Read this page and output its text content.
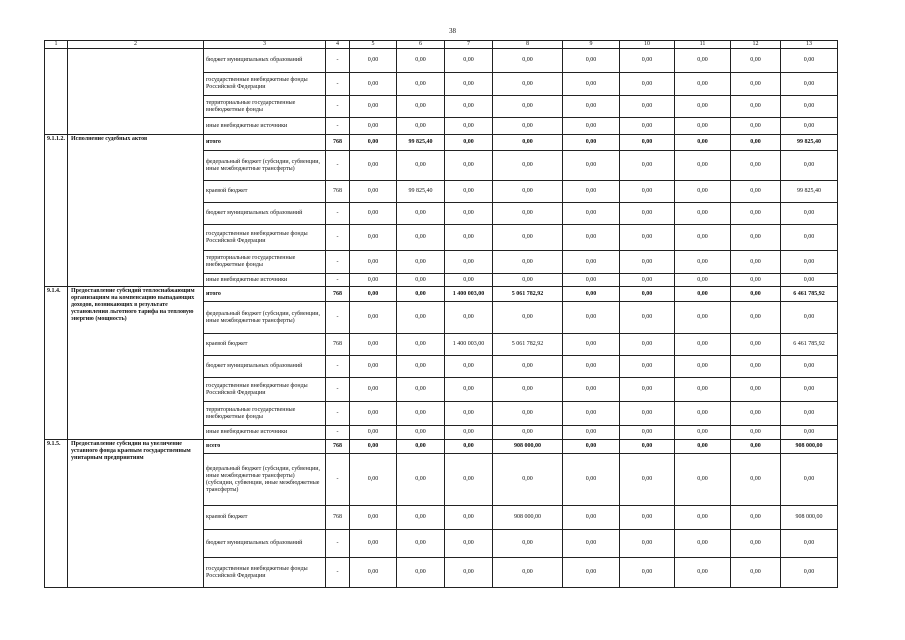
38
1	2	3	4	5	6	7	8	9	10	11	12	13
		бюджет муниципальных образований	-	0,00	0,00	0,00	0,00	0,00	0,00	0,00	0,00	0,00
		государственные внебюджетные фонды Российской Федерации	-	0,00	0,00	0,00	0,00	0,00	0,00	0,00	0,00	0,00
		территориальные государственные внебюджетные фонды	-	0,00	0,00	0,00	0,00	0,00	0,00	0,00	0,00	0,00
		иные внебюджетные источники	-	0,00	0,00	0,00	0,00	0,00	0,00	0,00	0,00	0,00
9.1.1.2.	Исполнение судебных актов	итого	768	0,00	99 825,40	0,00	0,00	0,00	0,00	0,00	0,00	99 825,40
		федеральный бюджет (субсидии, субвенции, иные межбюджетные трансферты)	-	0,00	0,00	0,00	0,00	0,00	0,00	0,00	0,00	0,00
		краевой бюджет	768	0,00	99 825,40	0,00	0,00	0,00	0,00	0,00	0,00	99 825,40
		бюджет муниципальных образований	-	0,00	0,00	0,00	0,00	0,00	0,00	0,00	0,00	0,00
		государственные внебюджетные фонды Российской Федерации	-	0,00	0,00	0,00	0,00	0,00	0,00	0,00	0,00	0,00
		территориальные государственные внебюджетные фонды	-	0,00	0,00	0,00	0,00	0,00	0,00	0,00	0,00	0,00
		иные внебюджетные источники	-	0,00	0,00	0,00	0,00	0,00	0,00	0,00	0,00	0,00
9.1.4.	Предоставление субсидий теплоснабжающим организациям на компенсацию выпадающих доходов, возникающих в результате установления льготного тарифа на тепловую энергию (мощность)	итого	768	0,00	0,00	1 400 003,00	5 061 782,92	0,00	0,00	0,00	0,00	6 461 785,92
		федеральный бюджет (субсидии, субвенции, иные межбюджетные трансферты)	-	0,00	0,00	0,00	0,00	0,00	0,00	0,00	0,00	0,00
		краевой бюджет	768	0,00	0,00	1 400 003,00	5 061 782,92	0,00	0,00	0,00	0,00	6 461 785,92
		бюджет муниципальных образований	-	0,00	0,00	0,00	0,00	0,00	0,00	0,00	0,00	0,00
		государственные внебюджетные фонды Российской Федерации	-	0,00	0,00	0,00	0,00	0,00	0,00	0,00	0,00	0,00
		территориальные государственные внебюджетные фонды	-	0,00	0,00	0,00	0,00	0,00	0,00	0,00	0,00	0,00
		иные внебюджетные источники	-	0,00	0,00	0,00	0,00	0,00	0,00	0,00	0,00	0,00
9.1.5.	Предоставление субсидии на увеличение уставного фонда краевым государственным унитарным предприятиям	всего	768	0,00	0,00	0,00	908 000,00	0,00	0,00	0,00	0,00	908 000,00
		федеральный бюджет (субсидии, субвенции, иные межбюджетные трансферты) (субсидии, субвенции, иные межбюджетные трансферты)	-	0,00	0,00	0,00	0,00	0,00	0,00	0,00	0,00	0,00
		краевой бюджет	768	0,00	0,00	0,00	908 000,00	0,00	0,00	0,00	0,00	908 000,00
		бюджет муниципальных образований	-	0,00	0,00	0,00	0,00	0,00	0,00	0,00	0,00	0,00
		государственные внебюджетные фонды Российской Федерации	-	0,00	0,00	0,00	0,00	0,00	0,00	0,00	0,00	0,00
